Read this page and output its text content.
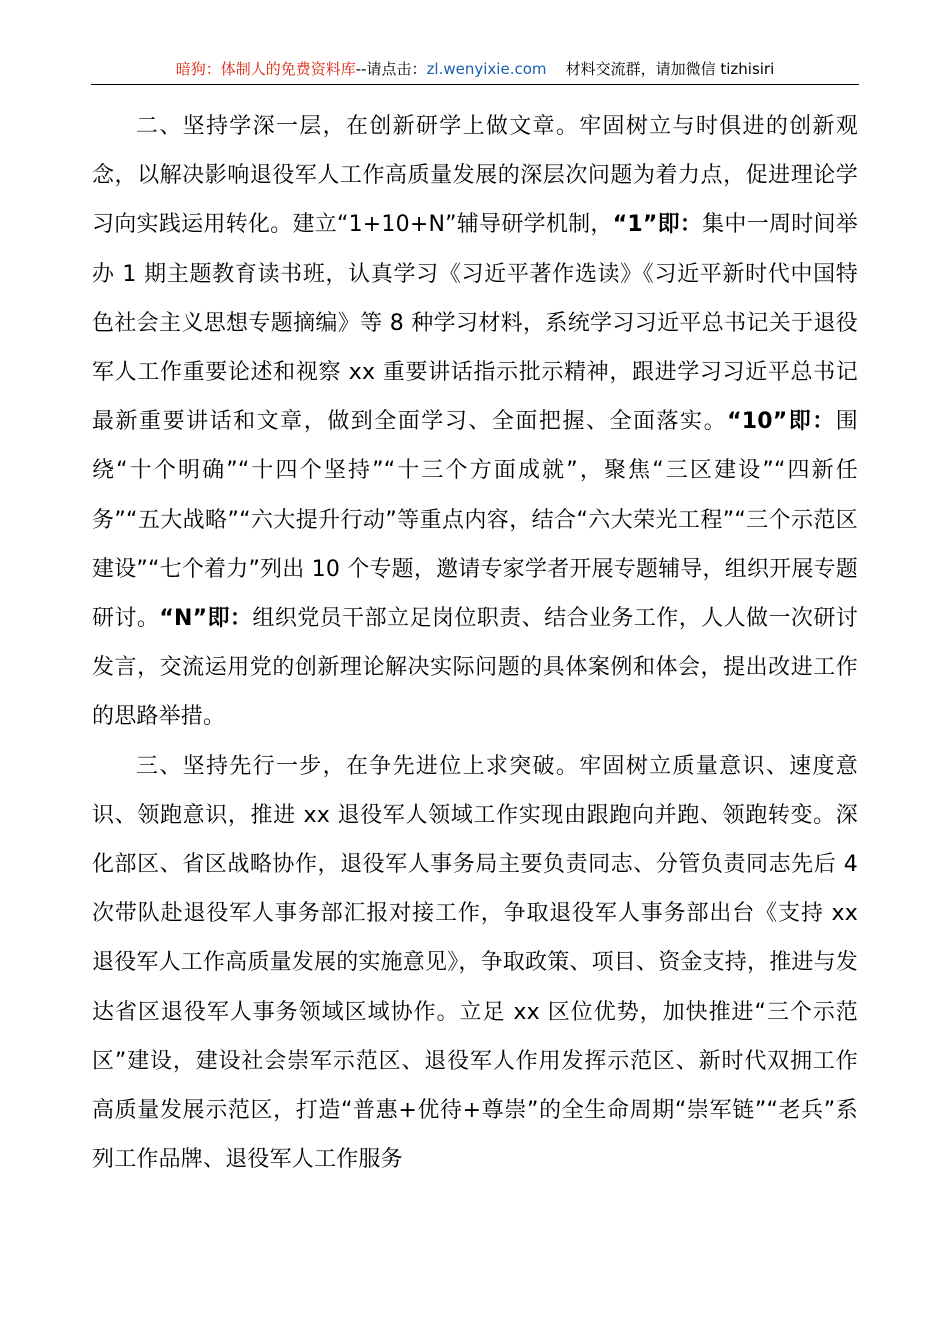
暗狗：体制人的免费资料库--请点击：zl.wenyixie.com 材料交流群，请加微信 tizhisiri

二、坚持学深一层，在创新研学上做文章。牢固树立与时俱进的创新观念，以解决影响退役军人工作高质量发展的深层次问题为着力点，促进理论学习向实践运用转化。建立“1+10+N”辅导研学机制，“1”即：集中一周时间举办 1 期主题教育读书班，认真学习《习近平著作选读》《习近平新时代中国特色社会主义思想专题摘编》等 8 种学习材料，系统学习习近平总书记关于退役军人工作重要论述和视察 xx 重要讲话指示批示精神，跟进学习习近平总书记最新重要讲话和文章，做到全面学习、全面把握、全面落实。“10”即：围绕“十个明确”“十四个坚持”“十三个方面成就”，聚焦“三区建设”“四新任务”“五大战略”“六大提升行动”等重点内容，结合“六大荣光工程”“三个示范区建设”“七个着力”列出 10 个专题，邀请专家学者开展专题辅导，组织开展专题研讨。“N”即：组织党员干部立足岗位职责、结合业务工作，人人做一次研讨发言，交流运用党的创新理论解决实际问题的具体案例和体会，提出改进工作的思路举措。

三、坚持先行一步，在争先进位上求突破。牢固树立质量意识、速度意识、领跑意识，推进 xx 退役军人领域工作实现由跟跑向并跑、领跑转变。深化部区、省区战略协作，退役军人事务局主要负责同志、分管负责同志先后 4 次带队赴退役军人事务部汇报对接工作，争取退役军人事务部出台《支持 xx 退役军人工作高质量发展的实施意见》，争取政策、项目、资金支持，推进与发达省区退役军人事务领域区域协作。立足 xx 区位优势，加快推进“三个示范区”建设，建设社会崇军示范区、退役军人作用发挥示范区、新时代双拥工作高质量发展示范区，打造“普惠+优待+尊崇”的全生命周期“崇军链”“老兵”系列工作品牌、退役军人工作服务
